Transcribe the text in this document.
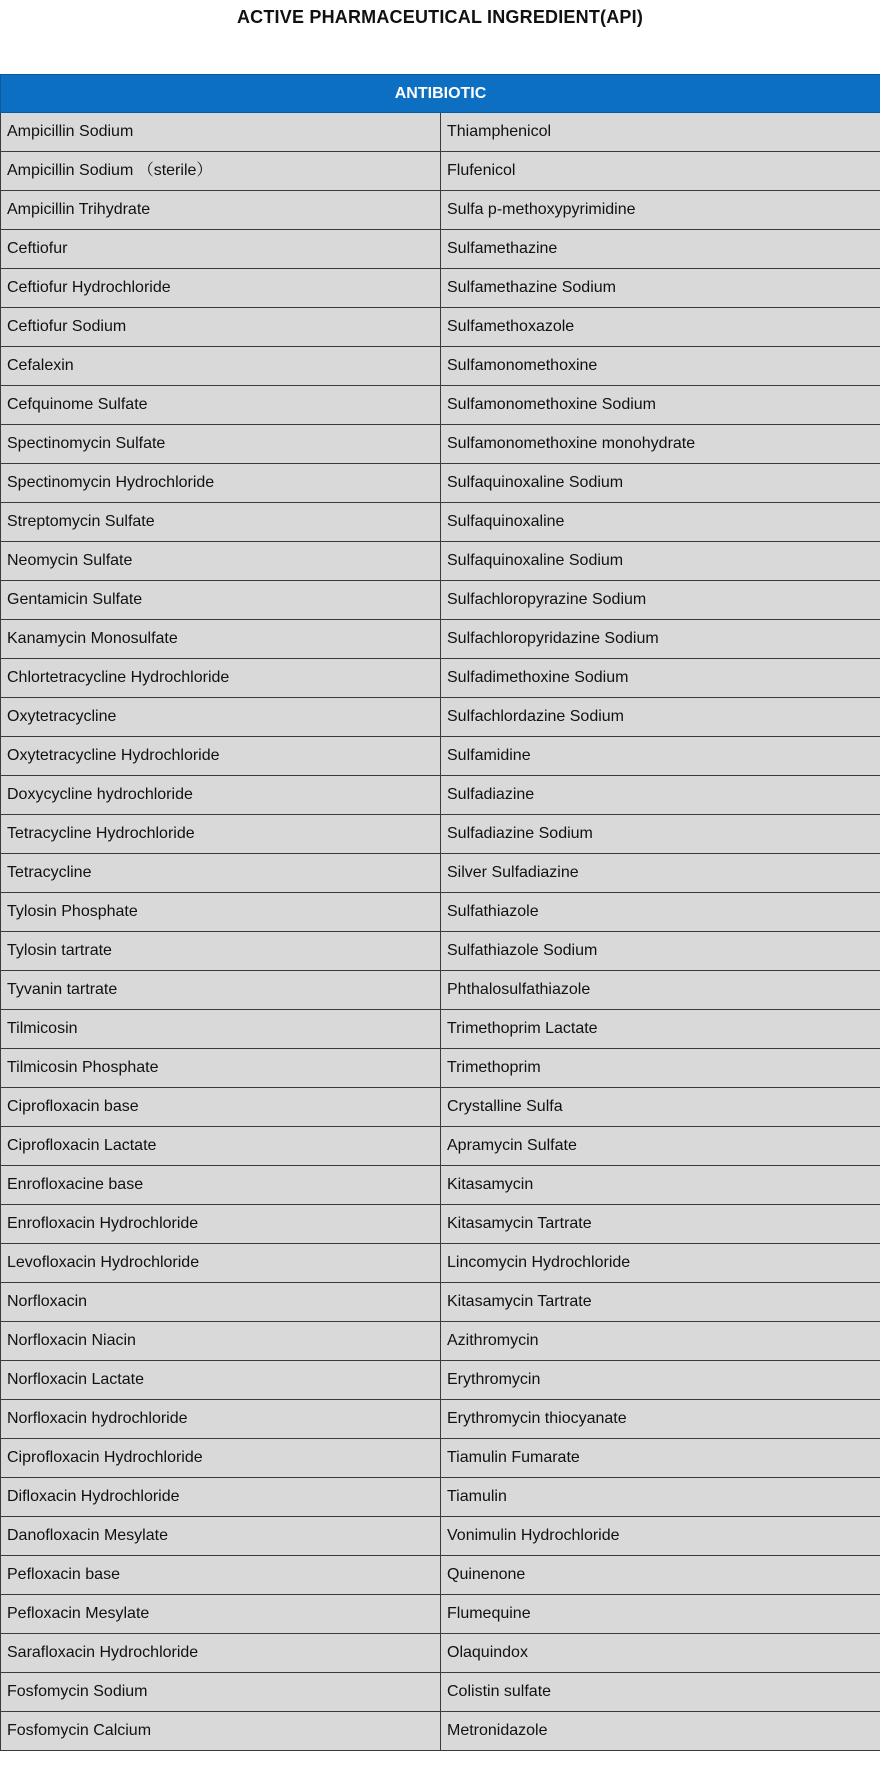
ACTIVE PHARMACEUTICAL INGREDIENT(API)
ANTIBIOTIC	
Ampicillin Sodium	Thiamphenicol
Ampicillin Sodium （sterile）	Flufenicol
Ampicillin Trihydrate	Sulfa p-methoxypyrimidine
Ceftiofur	Sulfamethazine
Ceftiofur Hydrochloride	Sulfamethazine Sodium
Ceftiofur Sodium	Sulfamethoxazole
Cefalexin	Sulfamonomethoxine
Cefquinome Sulfate	Sulfamonomethoxine Sodium
Spectinomycin Sulfate	Sulfamonomethoxine monohydrate
Spectinomycin Hydrochloride	Sulfaquinoxaline Sodium
Streptomycin Sulfate	Sulfaquinoxaline
Neomycin Sulfate	Sulfaquinoxaline Sodium
Gentamicin Sulfate	Sulfachloropyrazine Sodium
Kanamycin Monosulfate	Sulfachloropyridazine Sodium
Chlortetracycline Hydrochloride	Sulfadimethoxine Sodium
Oxytetracycline	Sulfachlordazine Sodium
Oxytetracycline Hydrochloride	Sulfamidine
Doxycycline hydrochloride	Sulfadiazine
Tetracycline Hydrochloride	Sulfadiazine Sodium
Tetracycline	Silver Sulfadiazine
Tylosin Phosphate	Sulfathiazole
Tylosin tartrate	Sulfathiazole Sodium
Tyvanin tartrate	Phthalosulfathiazole
Tilmicosin	Trimethoprim Lactate
Tilmicosin Phosphate	Trimethoprim
Ciprofloxacin base	Crystalline Sulfa
Ciprofloxacin Lactate	Apramycin Sulfate
Enrofloxacine base	Kitasamycin
Enrofloxacin Hydrochloride	Kitasamycin Tartrate
Levofloxacin Hydrochloride	Lincomycin Hydrochloride
Norfloxacin	Kitasamycin Tartrate
Norfloxacin Niacin	Azithromycin
Norfloxacin Lactate	Erythromycin
Norfloxacin hydrochloride	Erythromycin thiocyanate
Ciprofloxacin Hydrochloride	Tiamulin Fumarate
Difloxacin Hydrochloride	Tiamulin
Danofloxacin Mesylate	Vonimulin Hydrochloride
Pefloxacin base	Quinenone
Pefloxacin Mesylate	Flumequine
Sarafloxacin Hydrochloride	Olaquindox
Fosfomycin Sodium	Colistin sulfate
Fosfomycin Calcium	Metronidazole
